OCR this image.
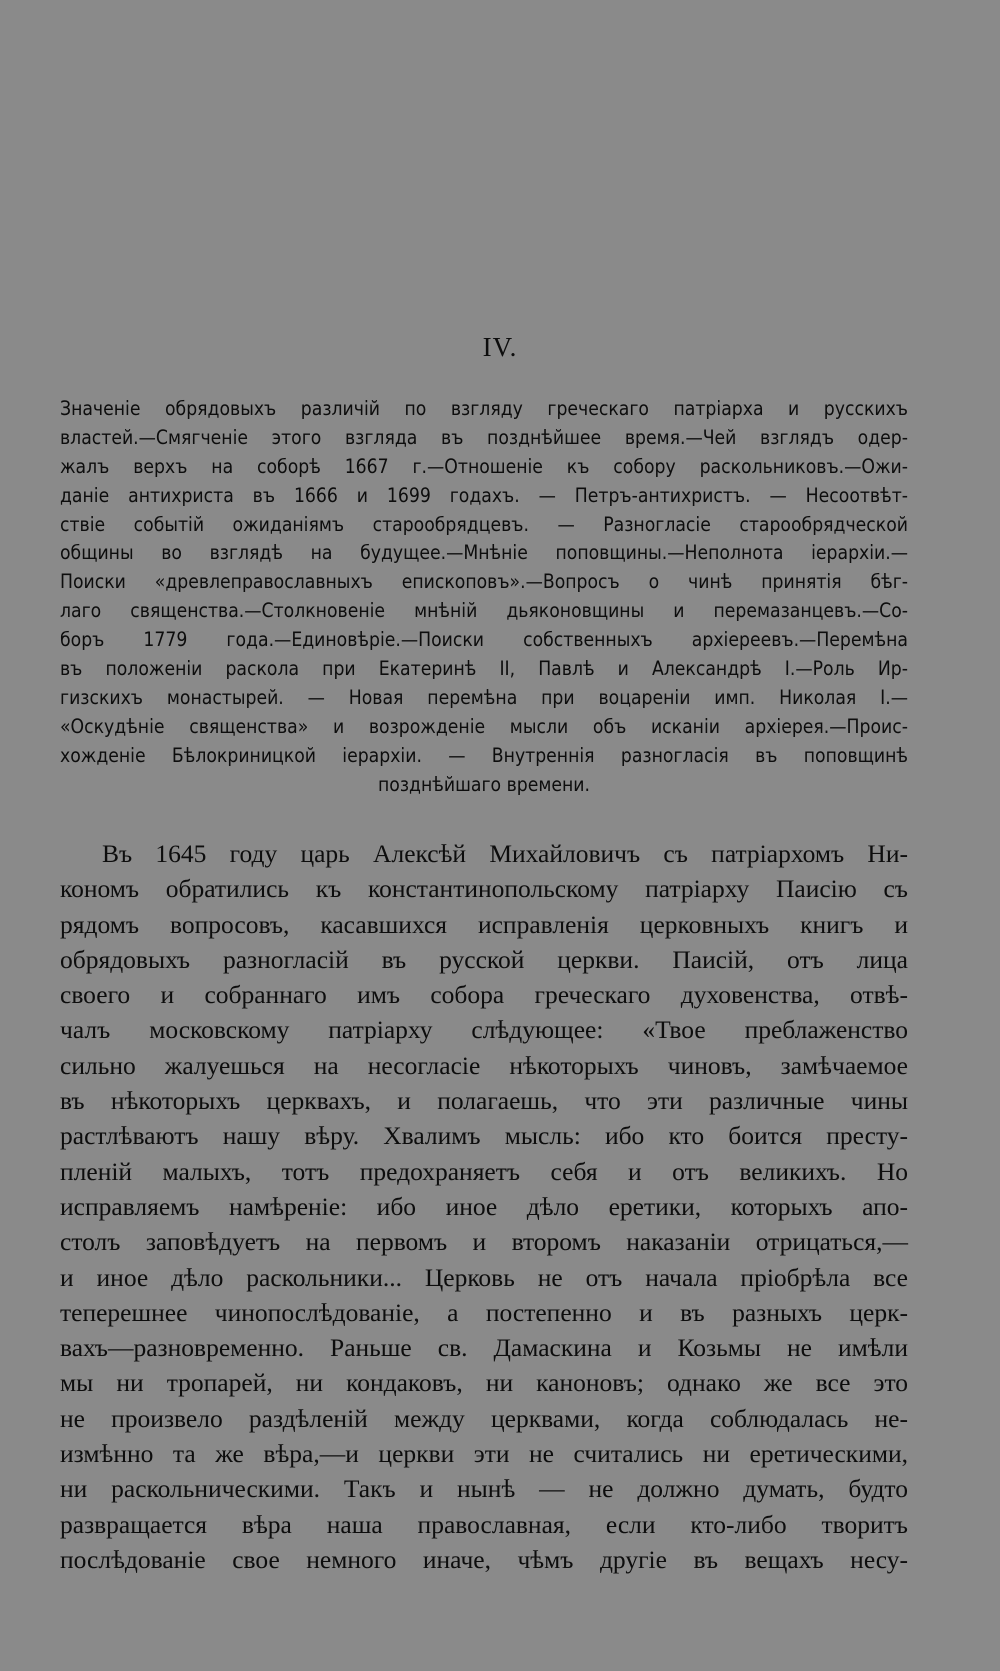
IV.
Значеніе обрядовыхъ различій по взгляду греческаго патріарха и русскихъ
властей.—Смягченіе этого взгляда въ позднѣйшее время.—Чей взглядъ одер-
жалъ верхъ на соборѣ 1667 г.—Отношеніе къ собору раскольниковъ.—Ожи-
даніе антихриста въ 1666 и 1699 годахъ. — Петръ-антихристъ. — Несоотвѣт-
ствіе событій ожиданіямъ старообрядцевъ. — Разногласіе старообрядческой
общины во взглядѣ на будущее.—Мнѣніе поповщины.—Неполнота іерархіи.—
Поиски «древлеправославныхъ епископовъ».—Вопросъ о чинѣ принятія бѣг-
лаго священства.—Столкновеніе мнѣній дьяконовщины и перемазанцевъ.—Со-
боръ 1779 года.—Единовѣріе.—Поиски собственныхъ архіереевъ.—Перемѣна
въ положеніи раскола при Екатеринѣ II, Павлѣ и Александрѣ I.—Роль Ир-
гизскихъ монастырей. — Новая перемѣна при воцареніи имп. Николая I.—
«Оскудѣніе священства» и возрожденіе мысли объ исканіи архіерея.—Проис-
хожденіе Бѣлокриницкой іерархіи. — Внутреннія разногласія въ поповщинѣ
позднѣйшаго времени.
Въ 1645 году царь Алексѣй Михайловичъ съ патріархомъ Ни-
кономъ обратились къ константинопольскому патріарху Паисію съ
рядомъ вопросовъ, касавшихся исправленія церковныхъ книгъ и
обрядовыхъ разногласій въ русской церкви. Паисій, отъ лица
своего и собраннаго имъ собора греческаго духовенства, отвѣ-
чалъ московскому патріарху слѣдующее: «Твое преблаженство
сильно жалуешься на несогласіе нѣкоторыхъ чиновъ, замѣчаемое
въ нѣкоторыхъ церквахъ, и полагаешь, что эти различные чины
растлѣваютъ нашу вѣру. Хвалимъ мысль: ибо кто боится престу-
пленій малыхъ, тотъ предохраняетъ себя и отъ великихъ. Но
исправляемъ намѣреніе: ибо иное дѣло еретики, которыхъ апо-
столъ заповѣдуетъ на первомъ и второмъ наказаніи отрицаться,—
и иное дѣло раскольники... Церковь не отъ начала пріобрѣла все
теперешнее чинопослѣдованіе, а постепенно и въ разныхъ церк-
вахъ—разновременно. Раньше св. Дамаскина и Козьмы не имѣли
мы ни тропарей, ни кондаковъ, ни каноновъ; однако же все это
не произвело раздѣленій между церквами, когда соблюдалась не-
измѣнно та же вѣра,—и церкви эти не считались ни еретическими,
ни раскольническими. Такъ и нынѣ — не должно думать, будто
развращается вѣра наша православная, если кто-либо творитъ
послѣдованіе свое немного иначе, чѣмъ другіе въ вещахъ несу-
